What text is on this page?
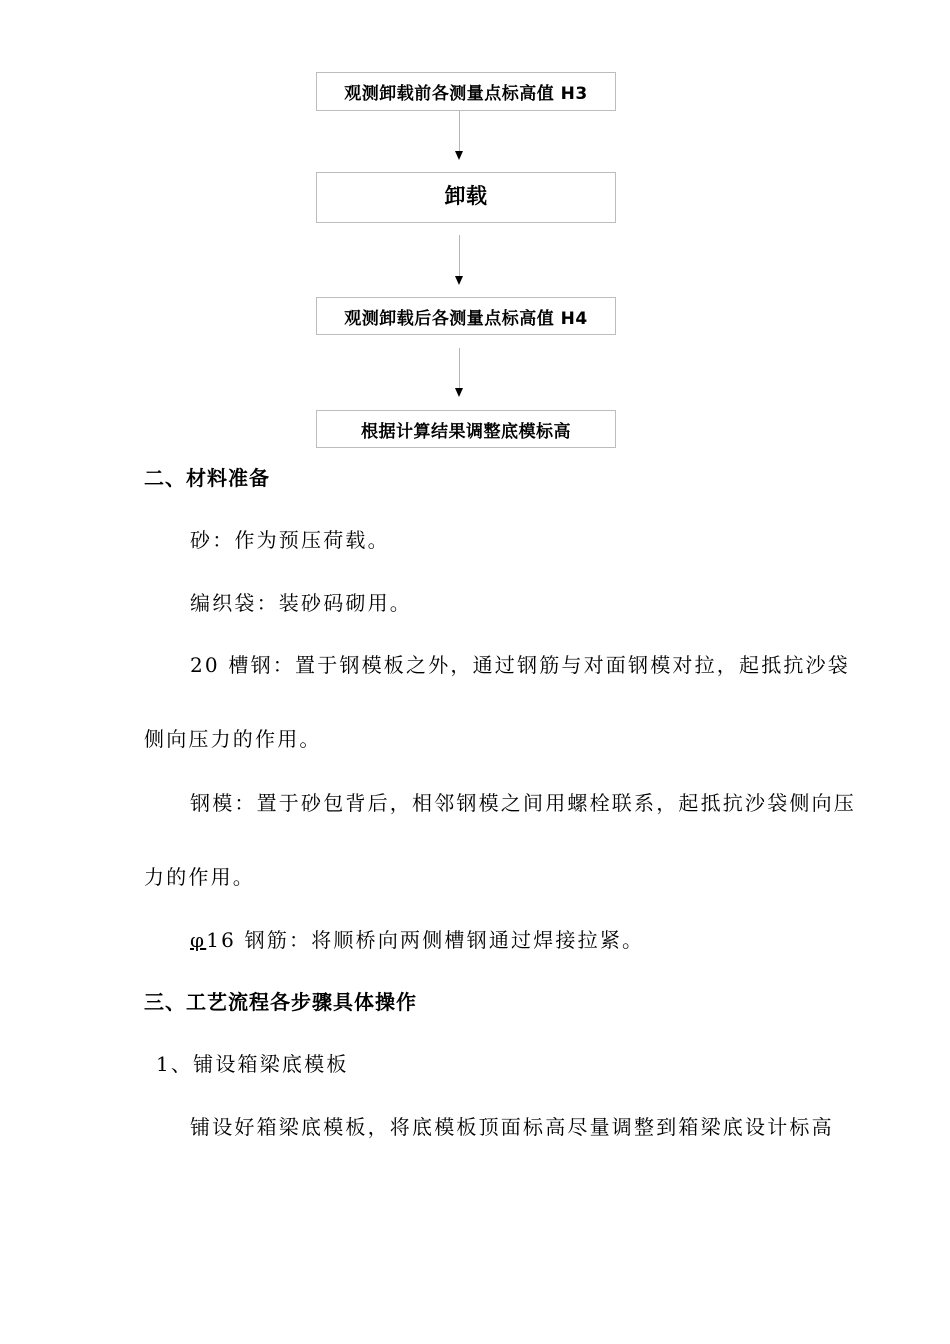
观测卸载前各测量点标高值 H3
卸载
观测卸载后各测量点标高值 H4
根据计算结果调整底模标高
二、材料准备
砂：作为预压荷载。
编织袋：装砂码砌用。
20 槽钢：置于钢模板之外，通过钢筋与对面钢模对拉，起抵抗沙袋
侧向压力的作用。
钢模：置于砂包背后，相邻钢模之间用螺栓联系，起抵抗沙袋侧向压
力的作用。
φ16 钢筋：将顺桥向两侧槽钢通过焊接拉紧。
三、工艺流程各步骤具体操作
1、铺设箱梁底模板
铺设好箱梁底模板，将底模板顶面标高尽量调整到箱梁底设计标高
